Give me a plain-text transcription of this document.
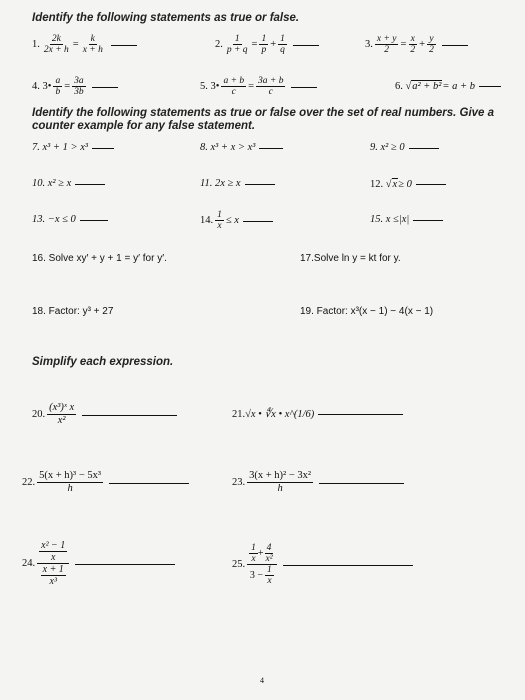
Identify the following statements as true or false.
1. $\frac{2k}{2x + h} = \frac{k}{x + h}$	2. $\frac{1}{p + q} = \frac{1}{p} + \frac{1}{q}$	3. $\frac{x + y}{2} = \frac{x}{2} + \frac{y}{2}$
4. 3• $\frac{a}{b} = \frac{3a}{3b}$	5. 3• $\frac{a + b}{c} = \frac{3a + b}{c}$	6. √ a² + b² = a + b
Identify the following statements as true or false over the set of real numbers. Give a counter example for any false statement.
7. x³ + 1 > x³	8. x³ + x > x³	9. x² ≥ 0
10. x² ≥ x	11. 2x ≥ x	12. √ x ≥ 0
13. −x ≤ 0	14. $\frac{1}{x} \le x$	15. x ≤ |x|
16. Solve xy′ + y + 1 = y′ for y′.	17.Solve ln y = kt for y.
18. Factor: y³ + 27	19. Factor: x³(x − 1) − 4(x − 1)
Simplify each expression.
20. $\frac{\text{(x³)ˣ x}}{\text{x²}}$	21. √x • ∜x • x^(1/6)
22. $\frac{\text{5(x + h)³ − 5x³}}{h}$	23. $\frac{\text{3(x + h)² − 3x²}}{h}$
24. x² − 1
x
x + 1
x³	25. $\frac{\frac{1}{x} + \frac{4}{\text{x²}}}{3 - \frac{1}{x}}$
4
